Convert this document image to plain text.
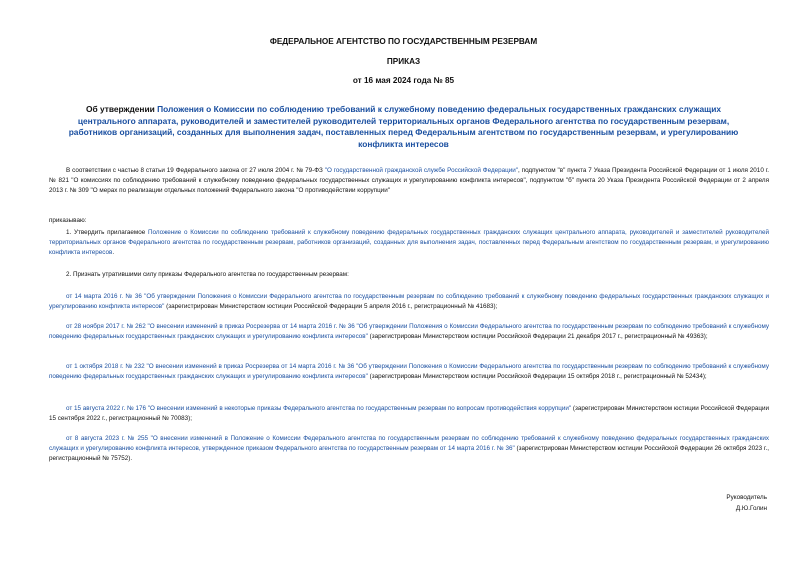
ФЕДЕРАЛЬНОЕ АГЕНТСТВО ПО ГОСУДАРСТВЕННЫМ РЕЗЕРВАМ
ПРИКАЗ
от 16 мая 2024 года № 85
Об утверждении Положения о Комиссии по соблюдению требований к служебному поведению федеральных государственных гражданских служащих центрального аппарата, руководителей и заместителей руководителей территориальных органов Федерального агентства по государственным резервам, работников организаций, созданных для выполнения задач, поставленных перед Федеральным агентством по государственным резервам, и урегулированию конфликта интересов
В соответствии с частью 8 статьи 19 Федерального закона от 27 июля 2004 г. № 79-ФЗ "О государственной гражданской службе Российской Федерации", подпунктом "в" пункта 7 Указа Президента Российской Федерации от 1 июля 2010 г. № 821 "О комиссиях по соблюдению требований к служебному поведению федеральных государственных служащих и урегулированию конфликта интересов", подпунктом "б" пункта 20 Указа Президента Российской Федерации от 2 апреля 2013 г. № 309 "О мерах по реализации отдельных положений Федерального закона "О противодействии коррупции"
приказываю:
1. Утвердить прилагаемое Положение о Комиссии по соблюдению требований к служебному поведению федеральных государственных гражданских служащих центрального аппарата, руководителей и заместителей руководителей территориальных органов Федерального агентства по государственным резервам, работников организаций, созданных для выполнения задач, поставленных перед Федеральным агентством по государственным резервам, и урегулированию конфликта интересов.
2. Признать утратившими силу приказы Федерального агентства по государственным резервам:
от 14 марта 2016 г. № 36 "Об утверждении Положения о Комиссии Федерального агентства по государственным резервам по соблюдению требований к служебному поведению федеральных государственных гражданских служащих и урегулированию конфликта интересов" (зарегистрирован Министерством юстиции Российской Федерации 5 апреля 2016 г., регистрационный № 41683);
от 28 ноября 2017 г. № 262 "О внесении изменений в приказ Росрезерва от 14 марта 2016 г. № 36 "Об утверждении Положения о Комиссии Федерального агентства по государственным резервам по соблюдению требований к служебному поведению федеральных государственных гражданских служащих и урегулированию конфликта интересов" (зарегистрирован Министерством юстиции Российской Федерации 21 декабря 2017 г., регистрационный № 49363);
от 1 октября 2018 г. № 232 "О внесении изменений в приказ Росрезерва от 14 марта 2016 г. № 36 "Об утверждении Положения о Комиссии Федерального агентства по государственным резервам по соблюдению требований к служебному поведению федеральных государственных гражданских служащих и урегулированию конфликта интересов" (зарегистрирован Министерством юстиции Российской Федерации 15 октября 2018 г., регистрационный № 52434);
от 15 августа 2022 г. № 176 "О внесении изменений в некоторые приказы Федерального агентства по государственным резервам по вопросам противодействия коррупции" (зарегистрирован Министерством юстиции Российской Федерации 15 сентября 2022 г., регистрационный № 70083);
от 8 августа 2023 г. № 255 "О внесении изменений в Положение о Комиссии Федерального агентства по государственным резервам по соблюдению требований к служебному поведению федеральных государственных гражданских служащих и урегулированию конфликта интересов, утвержденное приказом Федерального агентства по государственным резервам от 14 марта 2016 г. № 36" (зарегистрирован Министерством юстиции Российской Федерации 26 октября 2023 г., регистрационный № 75752).
Руководитель
Д.Ю.Голин
